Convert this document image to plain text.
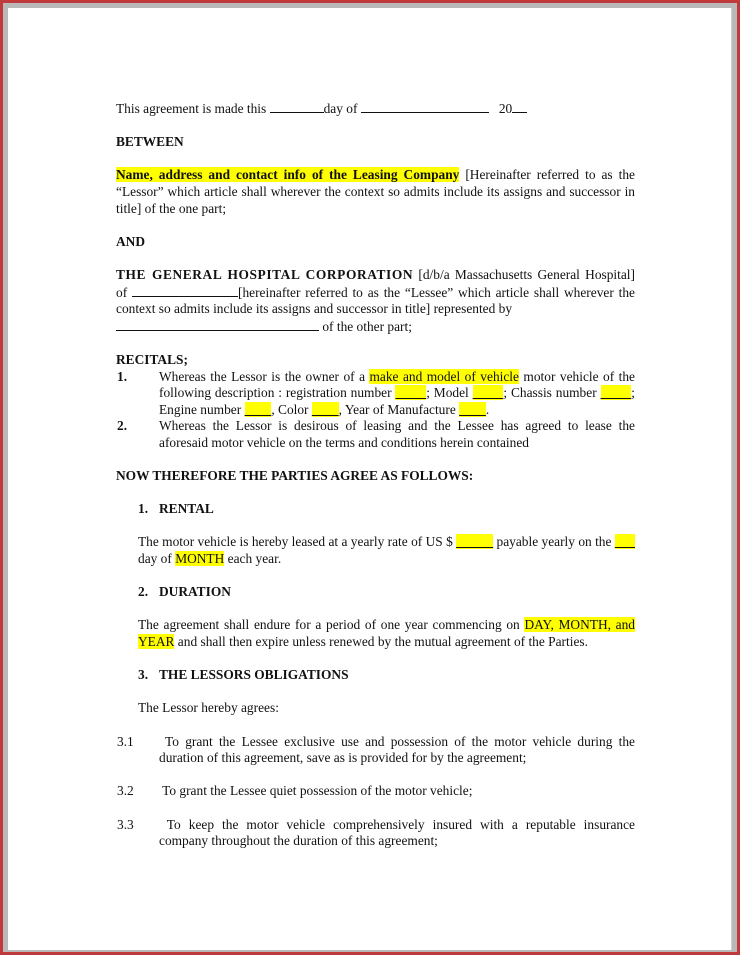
This agreement is made this	day of	20

BETWEEN

Name, address and contact info of the Leasing Company [Hereinafter referred to as the “Lessor” which article shall wherever the context so admits include its assigns and successor in title] of the one part;

AND

THE GENERAL HOSPITAL CORPORATION [d/b/a Massachusetts General Hospital] of	[hereinafter referred to as the “Lessee” which article shall wherever the context so admits include its assigns and successor in title] represented by
of the other part;

RECITALS;

1. Whereas the Lessor is the owner of a make and model of vehicle motor vehicle of the following description : registration number         ; Model         ; Chassis number         ; Engine number         , Color         , Year of Manufacture         .

2. Whereas the Lessor is desirous of leasing and the Lessee has agreed to lease the aforesaid motor vehicle on the terms and conditions herein contained

NOW THEREFORE THE PARTIES AGREE AS FOLLOWS:

1. RENTAL

The motor vehicle is hereby leased at a yearly rate of US $	payable yearly on the        day of MONTH each year.

2. DURATION

The agreement shall endure for a period of one year commencing on DAY, MONTH, and YEAR and shall then expire unless renewed by the mutual agreement of the Parties.

3. THE LESSORS OBLIGATIONS

The Lessor hereby agrees:

3.1 To grant the Lessee exclusive use and possession of the motor vehicle during the duration of this agreement, save as is provided for by the agreement;

3.2 To grant the Lessee quiet possession of the motor vehicle;

3.3 To keep the motor vehicle comprehensively insured with a reputable insurance company throughout the duration of this agreement;
